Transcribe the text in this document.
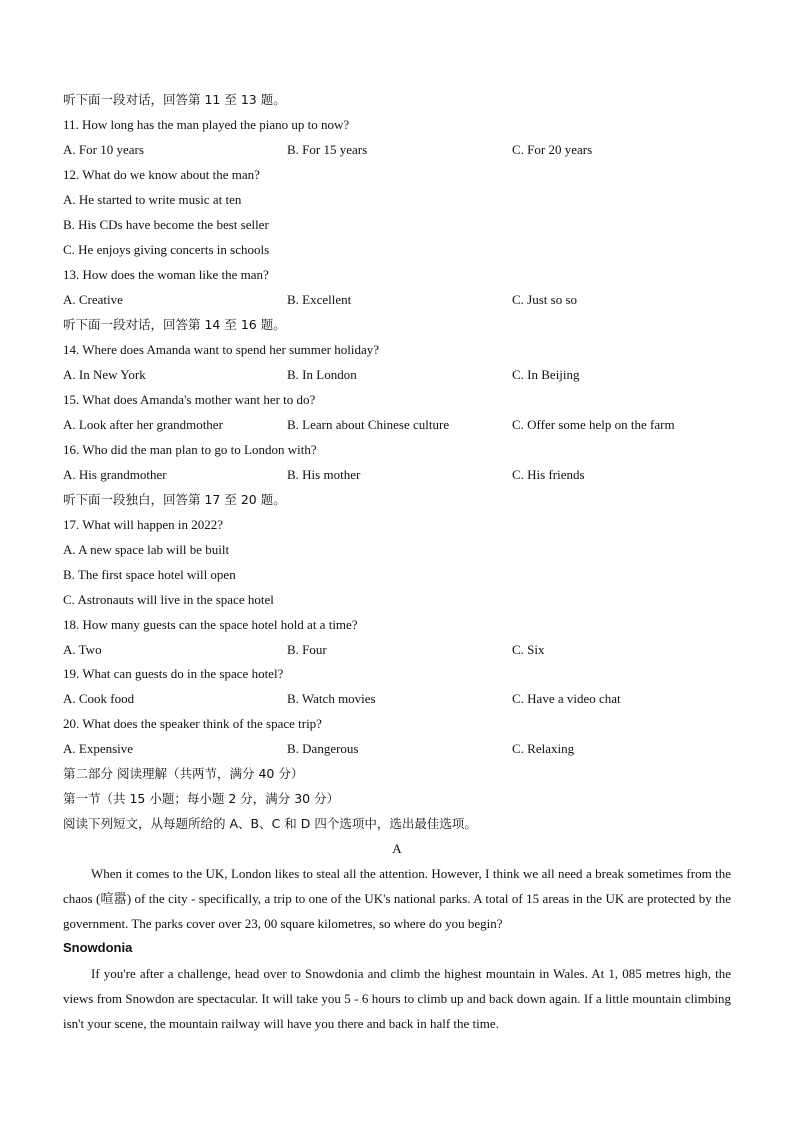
听下面一段对话，回答第 11 至 13 题。
11. How long has the man played the piano up to now?
A. For 10 years	B. For 15 years	C. For 20 years
12. What do we know about the man?
A. He started to write music at ten
B. His CDs have become the best seller
C. He enjoys giving concerts in schools
13. How does the woman like the man?
A. Creative	B. Excellent	C. Just so so
听下面一段对话，回答第 14 至 16 题。
14. Where does Amanda want to spend her summer holiday?
A. In New York	B. In London	C. In Beijing
15. What does Amanda's mother want her to do?
A. Look after her grandmother	B. Learn about Chinese culture	C. Offer some help on the farm
16. Who did the man plan to go to London with?
A. His grandmother	B. His mother	C. His friends
听下面一段独白，回答第 17 至 20 题。
17. What will happen in 2022?
A. A new space lab will be built
B. The first space hotel will open
C. Astronauts will live in the space hotel
18. How many guests can the space hotel hold at a time?
A. Two	B. Four	C. Six
19. What can guests do in the space hotel?
A. Cook food	B. Watch movies	C. Have a video chat
20. What does the speaker think of the space trip?
A. Expensive	B. Dangerous	C. Relaxing
第二部分 阅读理解（共两节，满分 40 分）
第一节（共 15 小题；每小题 2 分，满分 30 分）
阅读下列短文，从每题所给的 A、B、C 和 D 四个选项中，选出最佳选项。
A
When it comes to the UK, London likes to steal all the attention. However, I think we all need a break sometimes from the chaos (喧嚣) of the city - specifically, a trip to one of the UK's national parks. A total of 15 areas in the UK are protected by the government. The parks cover over 23, 00 square kilometres, so where do you begin?
Snowdonia
If you're after a challenge, head over to Snowdonia and climb the highest mountain in Wales. At 1, 085 metres high, the views from Snowdon are spectacular. It will take you 5 - 6 hours to climb up and back down again. If a little mountain climbing isn't your scene, the mountain railway will have you there and back in half the time.
